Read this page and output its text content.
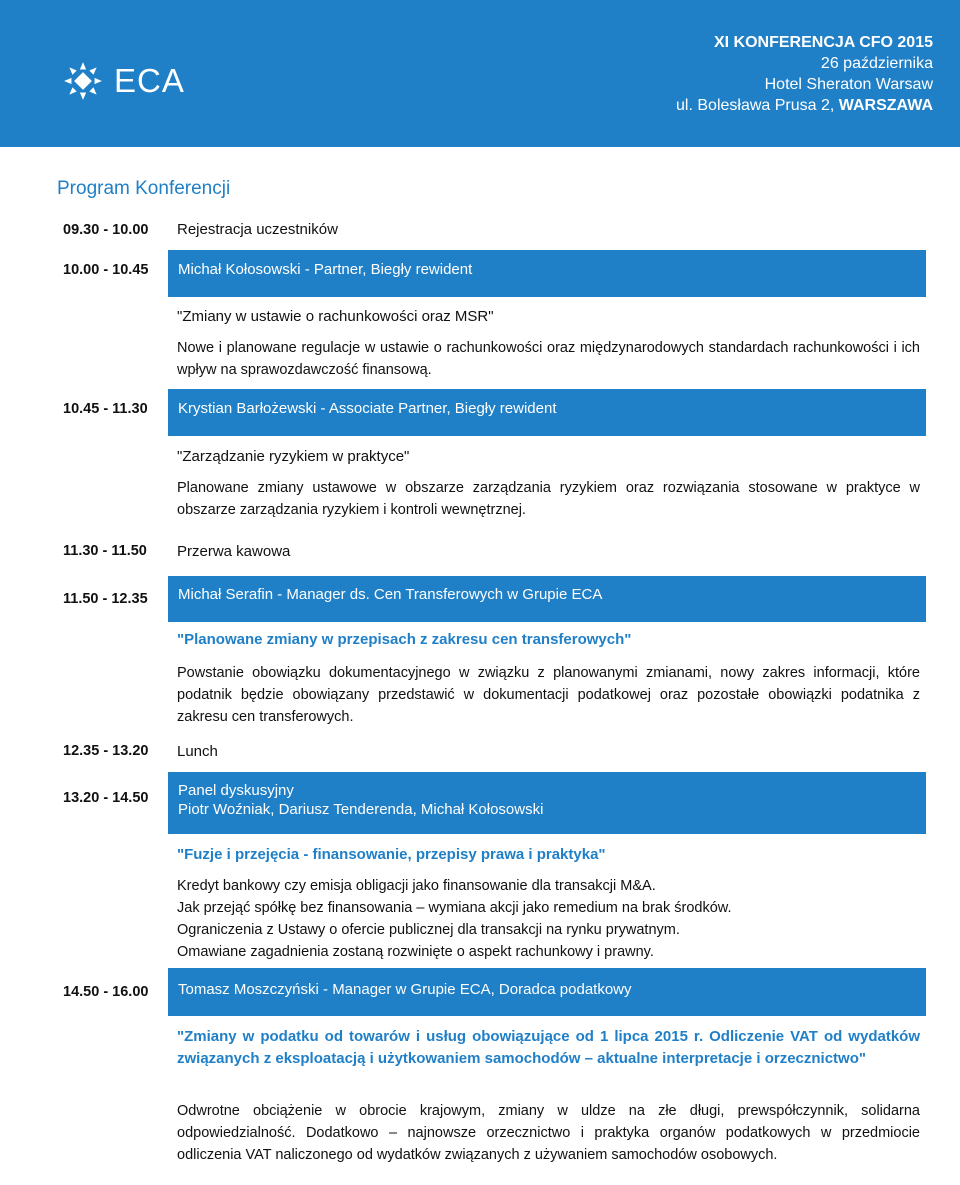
ECA
XI KONFERENCJA CFO 2015
26 października
Hotel Sheraton Warsaw
ul. Bolesława Prusa 2, WARSZAWA
Program Konferencji
09.30 - 10.00 Rejestracja uczestników
10.00 - 10.45 Michał Kołosowski - Partner, Biegły rewident
"Zmiany w ustawie o rachunkowości oraz MSR"
Nowe i planowane regulacje w ustawie o rachunkowości oraz międzynarodowych standardach rachunkowości i ich wpływ na sprawozdawczość finansową.
10.45 - 11.30 Krystian Barłożewski - Associate Partner, Biegły rewident
"Zarządzanie ryzykiem w praktyce"
Planowane zmiany ustawowe w obszarze zarządzania ryzykiem oraz rozwiązania stosowane w praktyce w obszarze zarządzania ryzykiem i kontroli wewnętrznej.
11.30 - 11.50 Przerwa kawowa
11.50 - 12.35 Michał Serafin - Manager ds. Cen Transferowych w Grupie ECA
"Planowane zmiany w przepisach z zakresu cen transferowych"
Powstanie obowiązku dokumentacyjnego w związku z planowanymi zmianami, nowy zakres informacji, które podatnik będzie obowiązany przedstawić w dokumentacji podatkowej oraz pozostałe obowiązki podatnika z zakresu cen transferowych.
12.35 - 13.20 Lunch
13.20 - 14.50 Panel dyskusyjny
Piotr Woźniak, Dariusz Tenderenda, Michał Kołosowski
"Fuzje i przejęcia - finansowanie, przepisy prawa i praktyka"
Kredyt bankowy czy emisja obligacji jako finansowanie dla transakcji M&A.
Jak przejąć spółkę bez finansowania – wymiana akcji jako remedium na brak środków.
Ograniczenia z Ustawy o ofercie publicznej dla transakcji na rynku prywatnym.
Omawiane zagadnienia zostaną rozwinięte o aspekt rachunkowy i prawny.
14.50 - 16.00 Tomasz Moszczyński - Manager w Grupie ECA, Doradca podatkowy
"Zmiany w podatku od towarów i usług obowiązujące od 1 lipca 2015 r. Odliczenie VAT od wydatków związanych z eksploatacją i użytkowaniem samochodów – aktualne interpretacje i orzecznictwo"
Odwrotne obciążenie w obrocie krajowym, zmiany w uldze na złe długi, prewspółczynnik, solidarna odpowiedzialność. Dodatkowo – najnowsze orzecznictwo i praktyka organów podatkowych w przedmiocie odliczenia VAT naliczonego od wydatków związanych z używaniem samochodów osobowych.
